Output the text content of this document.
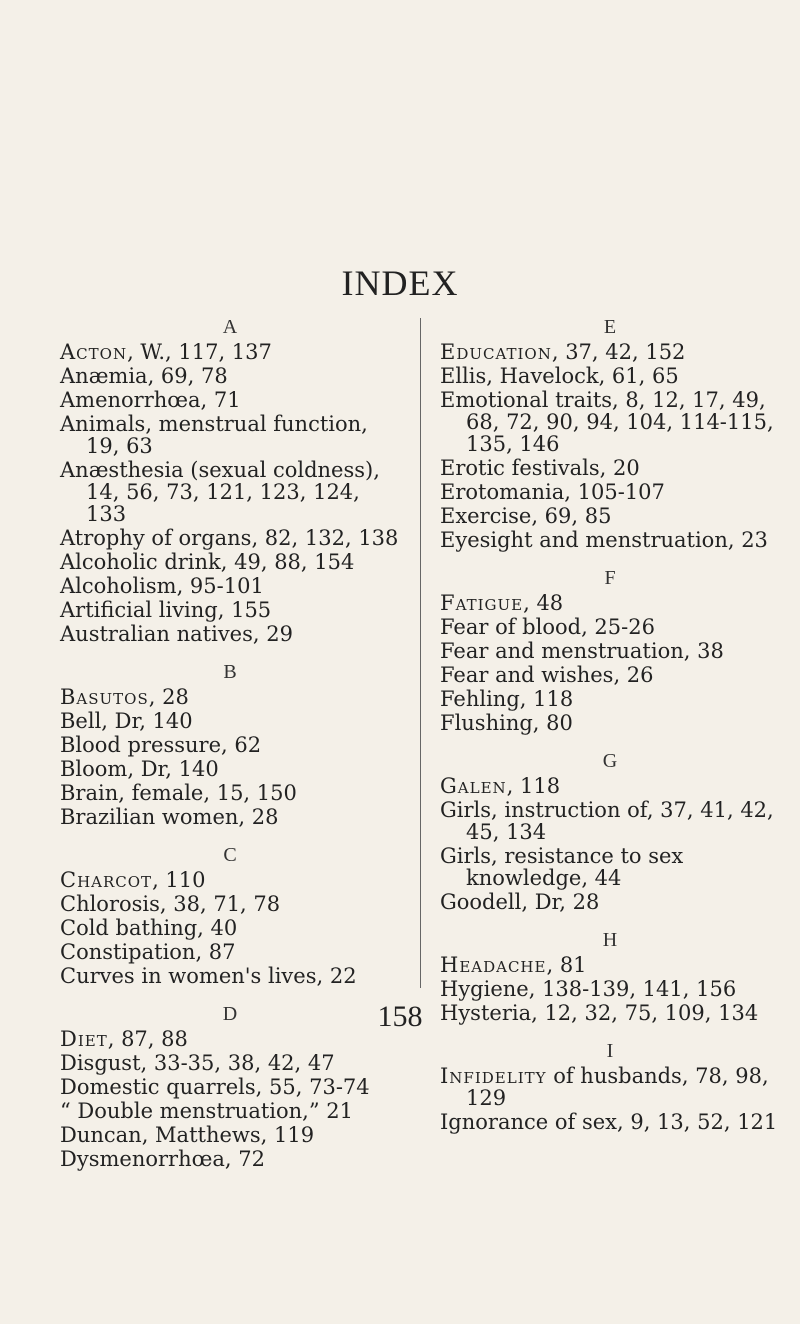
INDEX
A
Acton, W., 117, 137
Anæmia, 69, 78
Amenorrhœa, 71
Animals, menstrual function, 19, 63
Anæsthesia (sexual coldness), 14, 56, 73, 121, 123, 124, 133
Atrophy of organs, 82, 132, 138
Alcoholic drink, 49, 88, 154
Alcoholism, 95-101
Artificial living, 155
Australian natives, 29
B
Basutos, 28
Bell, Dr, 140
Blood pressure, 62
Bloom, Dr, 140
Brain, female, 15, 150
Brazilian women, 28
C
Charcot, 110
Chlorosis, 38, 71, 78
Cold bathing, 40
Constipation, 87
Curves in women's lives, 22
D
Diet, 87, 88
Disgust, 33-35, 38, 42, 47
Domestic quarrels, 55, 73-74
“ Double menstruation,” 21
Duncan, Matthews, 119
Dysmenorrhœa, 72
E
Education, 37, 42, 152
Ellis, Havelock, 61, 65
Emotional traits, 8, 12, 17, 49, 68, 72, 90, 94, 104, 114-115, 135, 146
Erotic festivals, 20
Erotomania, 105-107
Exercise, 69, 85
Eyesight and menstruation, 23
F
Fatigue, 48
Fear of blood, 25-26
Fear and menstruation, 38
Fear and wishes, 26
Fehling, 118
Flushing, 80
G
Galen, 118
Girls, instruction of, 37, 41, 42, 45, 134
Girls, resistance to sex knowledge, 44
Goodell, Dr, 28
H
Headache, 81
Hygiene, 138-139, 141, 156
Hysteria, 12, 32, 75, 109, 134
I
Infidelity of husbands, 78, 98, 129
Ignorance of sex, 9, 13, 52, 121
158
